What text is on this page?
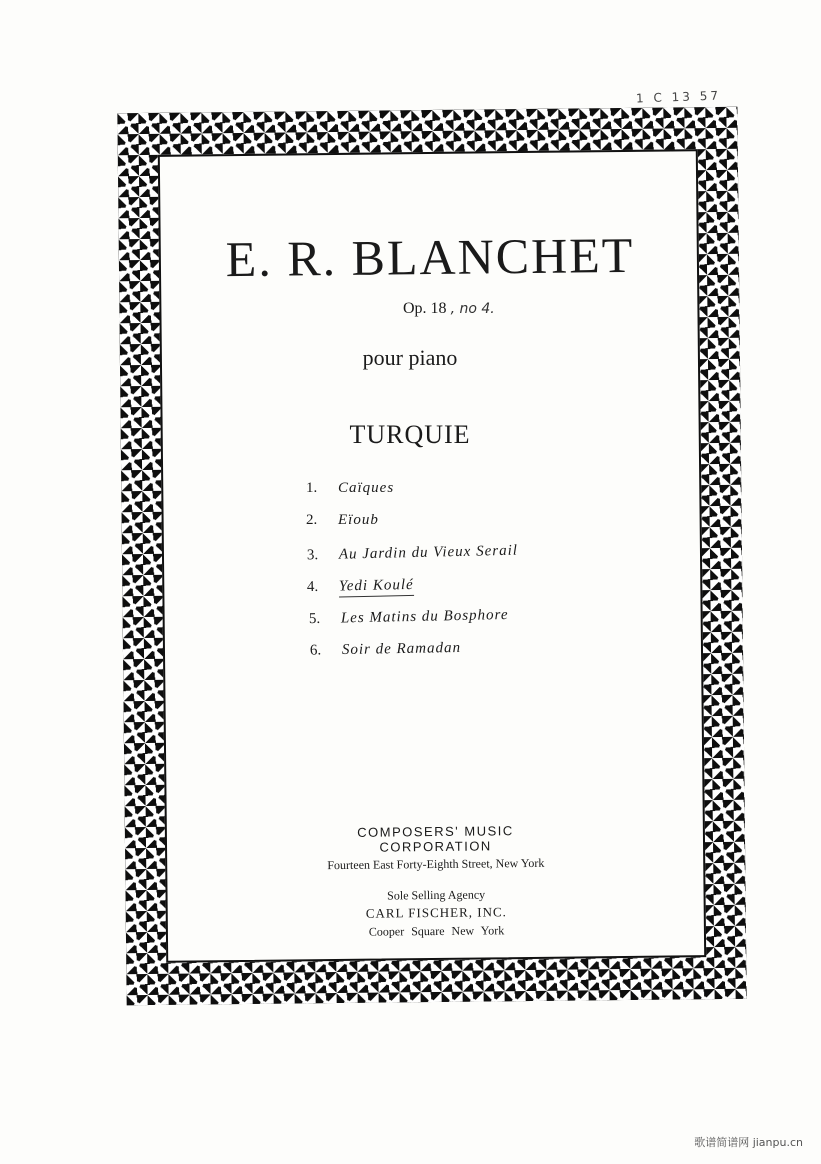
1 C 13 57
E. R. BLANCHET
Op. 18 , no 4.
pour piano
TURQUIE
1.	Caïques
2.	Eïoub
3.	Au Jardin du Vieux Serail
4.	Yedi Koulé
5.	Les Matins du Bosphore
6.	Soir de Ramadan
COMPOSERS' MUSIC CORPORATION
Fourteen East Forty-Eighth Street, New York
Sole Selling Agency
CARL FISCHER, INC.
Cooper Square New York
歌谱简谱网 jianpu.cn
